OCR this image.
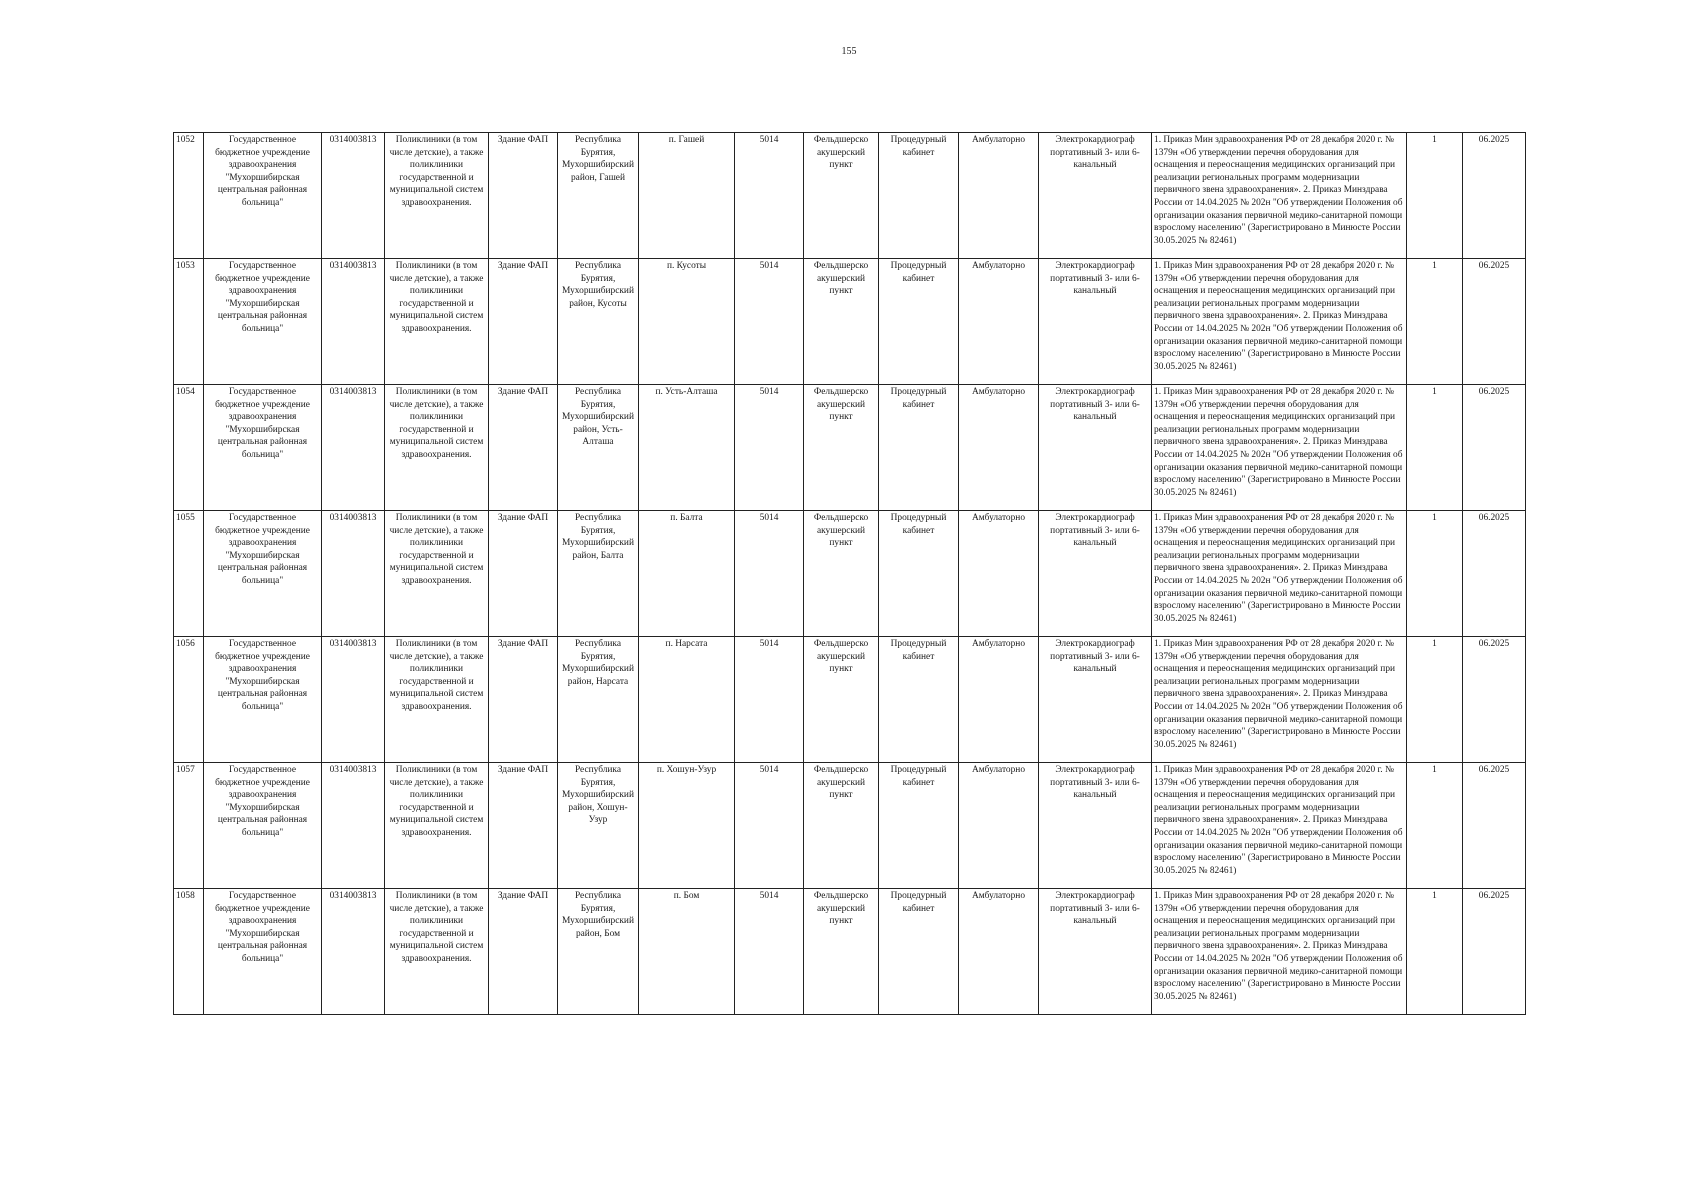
155
1052	Государственное бюджетное учреждение здравоохранения "Мухоршибирская центральная районная больница"	0314003813	Поликлиники (в том числе детские), а также поликлиники государственной и муниципальной систем здравоохранения.	Здание ФАП	Республика Бурятия, Мухоршибирский район, Гашей	п. Гашей	5014	Фельдшерско акушерский пункт	Процедурный кабинет	Амбулаторно	Электрокардиограф портативный 3- или 6-канальный	1. Приказ Мин здравоохранения РФ от 28 декабря 2020 г. № 1379н «Об утверждении перечня оборудования для оснащения и переоснащения медицинских организаций при реализации региональных программ модернизации первичного звена здравоохранения». 2. Приказ Минздрава России от 14.04.2025 № 202н "Об утверждении Положения об организации оказания первичной медико-санитарной помощи взрослому населению" (Зарегистрировано в Минюсте России 30.05.2025 № 82461)	1	06.2025
1053	Государственное бюджетное учреждение здравоохранения "Мухоршибирская центральная районная больница"	0314003813	Поликлиники (в том числе детские), а также поликлиники государственной и муниципальной систем здравоохранения.	Здание ФАП	Республика Бурятия, Мухоршибирский район, Кусоты	п. Кусоты	5014	Фельдшерско акушерский пункт	Процедурный кабинет	Амбулаторно	Электрокардиограф портативный 3- или 6-канальный	1. Приказ Мин здравоохранения РФ от 28 декабря 2020 г. № 1379н «Об утверждении перечня оборудования для оснащения и переоснащения медицинских организаций при реализации региональных программ модернизации первичного звена здравоохранения». 2. Приказ Минздрава России от 14.04.2025 № 202н "Об утверждении Положения об организации оказания первичной медико-санитарной помощи взрослому населению" (Зарегистрировано в Минюсте России 30.05.2025 № 82461)	1	06.2025
1054	Государственное бюджетное учреждение здравоохранения "Мухоршибирская центральная районная больница"	0314003813	Поликлиники (в том числе детские), а также поликлиники государственной и муниципальной систем здравоохранения.	Здание ФАП	Республика Бурятия, Мухоршибирский район, Усть-Алташа	п. Усть-Алташа	5014	Фельдшерско акушерский пункт	Процедурный кабинет	Амбулаторно	Электрокардиограф портативный 3- или 6-канальный	1. Приказ Мин здравоохранения РФ от 28 декабря 2020 г. № 1379н «Об утверждении перечня оборудования для оснащения и переоснащения медицинских организаций при реализации региональных программ модернизации первичного звена здравоохранения». 2. Приказ Минздрава России от 14.04.2025 № 202н "Об утверждении Положения об организации оказания первичной медико-санитарной помощи взрослому населению" (Зарегистрировано в Минюсте России 30.05.2025 № 82461)	1	06.2025
1055	Государственное бюджетное учреждение здравоохранения "Мухоршибирская центральная районная больница"	0314003813	Поликлиники (в том числе детские), а также поликлиники государственной и муниципальной систем здравоохранения.	Здание ФАП	Республика Бурятия, Мухоршибирский район, Балта	п. Балта	5014	Фельдшерско акушерский пункт	Процедурный кабинет	Амбулаторно	Электрокардиограф портативный 3- или 6-канальный	1. Приказ Мин здравоохранения РФ от 28 декабря 2020 г. № 1379н «Об утверждении перечня оборудования для оснащения и переоснащения медицинских организаций при реализации региональных программ модернизации первичного звена здравоохранения». 2. Приказ Минздрава России от 14.04.2025 № 202н "Об утверждении Положения об организации оказания первичной медико-санитарной помощи взрослому населению" (Зарегистрировано в Минюсте России 30.05.2025 № 82461)	1	06.2025
1056	Государственное бюджетное учреждение здравоохранения "Мухоршибирская центральная районная больница"	0314003813	Поликлиники (в том числе детские), а также поликлиники государственной и муниципальной систем здравоохранения.	Здание ФАП	Республика Бурятия, Мухоршибирский район, Нарсата	п. Нарсата	5014	Фельдшерско акушерский пункт	Процедурный кабинет	Амбулаторно	Электрокардиограф портативный 3- или 6-канальный	1. Приказ Мин здравоохранения РФ от 28 декабря 2020 г. № 1379н «Об утверждении перечня оборудования для оснащения и переоснащения медицинских организаций при реализации региональных программ модернизации первичного звена здравоохранения». 2. Приказ Минздрава России от 14.04.2025 № 202н "Об утверждении Положения об организации оказания первичной медико-санитарной помощи взрослому населению" (Зарегистрировано в Минюсте России 30.05.2025 № 82461)	1	06.2025
1057	Государственное бюджетное учреждение здравоохранения "Мухоршибирская центральная районная больница"	0314003813	Поликлиники (в том числе детские), а также поликлиники государственной и муниципальной систем здравоохранения.	Здание ФАП	Республика Бурятия, Мухоршибирский район, Хошун-Узур	п. Хошун-Узур	5014	Фельдшерско акушерский пункт	Процедурный кабинет	Амбулаторно	Электрокардиограф портативный 3- или 6-канальный	1. Приказ Мин здравоохранения РФ от 28 декабря 2020 г. № 1379н «Об утверждении перечня оборудования для оснащения и переоснащения медицинских организаций при реализации региональных программ модернизации первичного звена здравоохранения». 2. Приказ Минздрава России от 14.04.2025 № 202н "Об утверждении Положения об организации оказания первичной медико-санитарной помощи взрослому населению" (Зарегистрировано в Минюсте России 30.05.2025 № 82461)	1	06.2025
1058	Государственное бюджетное учреждение здравоохранения "Мухоршибирская центральная районная больница"	0314003813	Поликлиники (в том числе детские), а также поликлиники государственной и муниципальной систем здравоохранения.	Здание ФАП	Республика Бурятия, Мухоршибирский район, Бом	п. Бом	5014	Фельдшерско акушерский пункт	Процедурный кабинет	Амбулаторно	Электрокардиограф портативный 3- или 6-канальный	1. Приказ Мин здравоохранения РФ от 28 декабря 2020 г. № 1379н «Об утверждении перечня оборудования для оснащения и переоснащения медицинских организаций при реализации региональных программ модернизации первичного звена здравоохранения». 2. Приказ Минздрава России от 14.04.2025 № 202н "Об утверждении Положения об организации оказания первичной медико-санитарной помощи взрослому населению" (Зарегистрировано в Минюсте России 30.05.2025 № 82461)	1	06.2025
